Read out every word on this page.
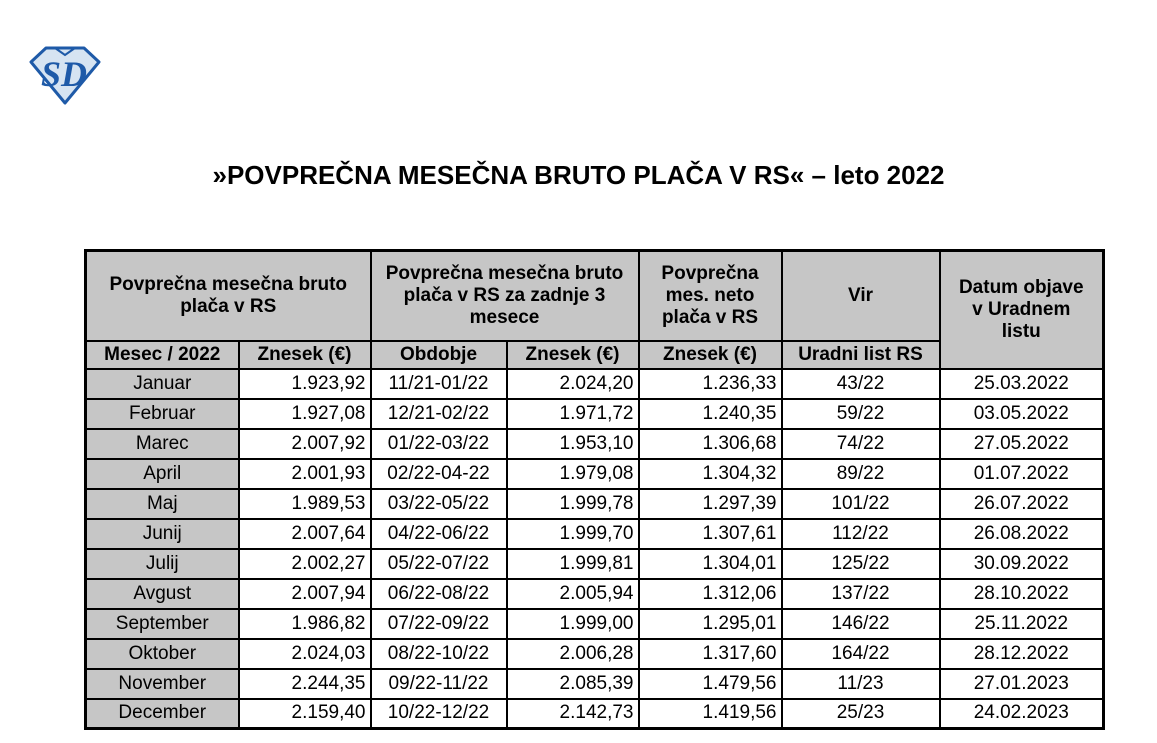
SD
»POVPREČNA MESEČNA BRUTO PLAČA V RS« – leto 2022
Povprečna mesečna bruto plača v RS		Povprečna mesečna bruto plača v RS za zadnje 3 mesece		Povprečna mes. neto plača v RS	Vir	Datum objave v Uradnem listu
Mesec / 2022	Znesek (€)	Obdobje	Znesek (€)	Znesek (€)	Uradni list RS	
Januar	1.923,92	11/21-01/22	2.024,20	1.236,33	43/22	25.03.2022
Februar	1.927,08	12/21-02/22	1.971,72	1.240,35	59/22	03.05.2022
Marec	2.007,92	01/22-03/22	1.953,10	1.306,68	74/22	27.05.2022
April	2.001,93	02/22-04-22	1.979,08	1.304,32	89/22	01.07.2022
Maj	1.989,53	03/22-05/22	1.999,78	1.297,39	101/22	26.07.2022
Junij	2.007,64	04/22-06/22	1.999,70	1.307,61	112/22	26.08.2022
Julij	2.002,27	05/22-07/22	1.999,81	1.304,01	125/22	30.09.2022
Avgust	2.007,94	06/22-08/22	2.005,94	1.312,06	137/22	28.10.2022
September	1.986,82	07/22-09/22	1.999,00	1.295,01	146/22	25.11.2022
Oktober	2.024,03	08/22-10/22	2.006,28	1.317,60	164/22	28.12.2022
November	2.244,35	09/22-11/22	2.085,39	1.479,56	11/23	27.01.2023
December	2.159,40	10/22-12/22	2.142,73	1.419,56	25/23	24.02.2023
